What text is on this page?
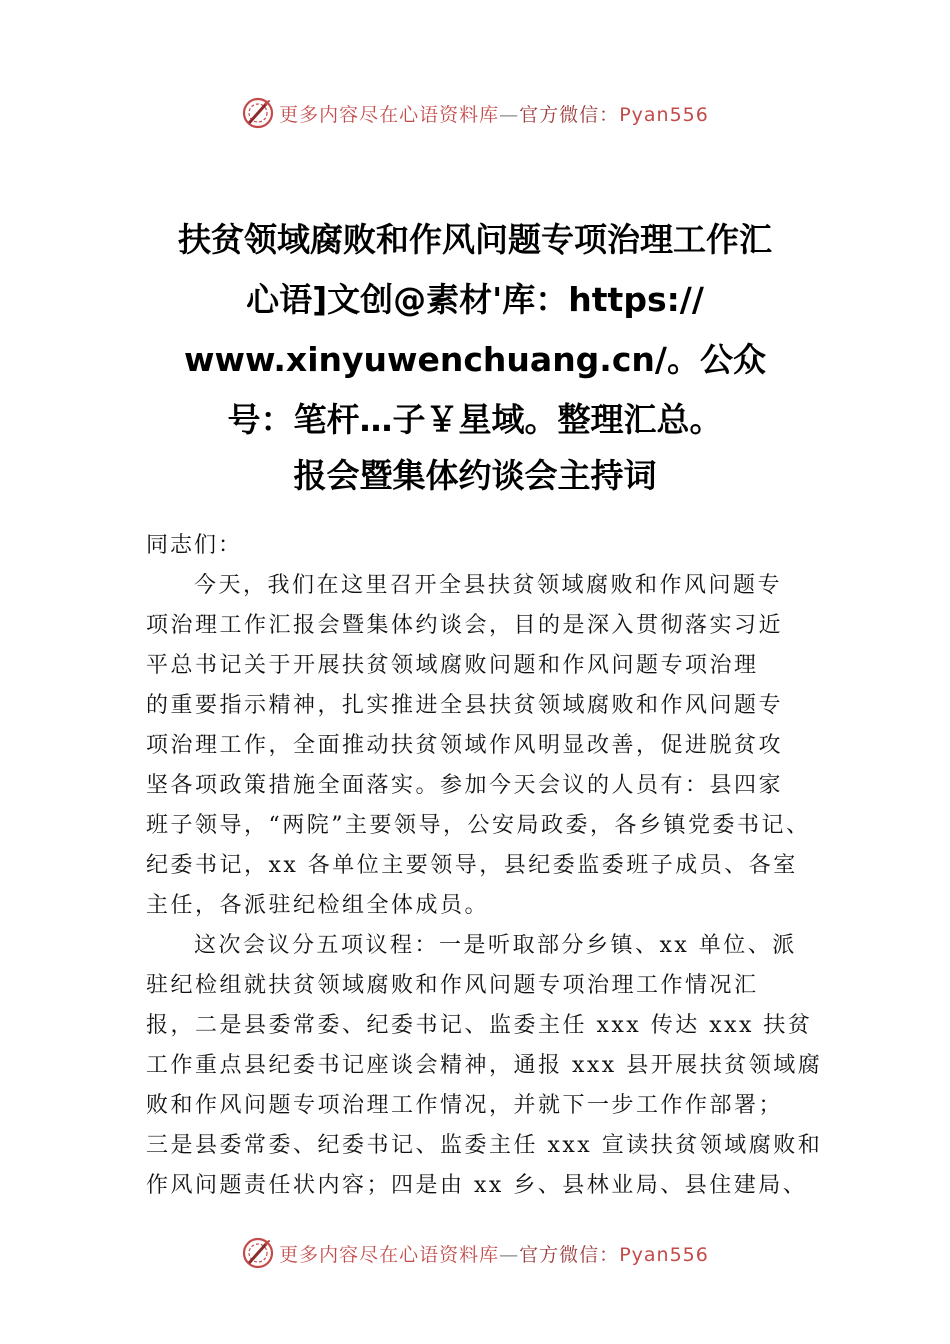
更多内容尽在心语资料库—官方微信：Pyan556
扶贫领域腐败和作风问题专项治理工作汇
心语]文创@素材'库：https://
www.xinyuwenchuang.cn/。公众
号：笔杆…子￥星域。整理汇总。
报会暨集体约谈会主持词

同志们：

今天，我们在这里召开全县扶贫领域腐败和作风问题专

项治理工作汇报会暨集体约谈会，目的是深入贯彻落实习近

平总书记关于开展扶贫领域腐败问题和作风问题专项治理

的重要指示精神，扎实推进全县扶贫领域腐败和作风问题专

项治理工作，全面推动扶贫领域作风明显改善，促进脱贫攻

坚各项政策措施全面落实。参加今天会议的人员有：县四家

班子领导，“两院”主要领导，公安局政委，各乡镇党委书记、

纪委书记，xx 各单位主要领导，县纪委监委班子成员、各室

主任，各派驻纪检组全体成员。

这次会议分五项议程：一是听取部分乡镇、xx 单位、派

驻纪检组就扶贫领域腐败和作风问题专项治理工作情况汇

报，二是县委常委、纪委书记、监委主任 xxx 传达 xxx 扶贫

工作重点县纪委书记座谈会精神，通报 xxx 县开展扶贫领域腐

败和作风问题专项治理工作情况，并就下一步工作作部署；

三是县委常委、纪委书记、监委主任 xxx 宣读扶贫领域腐败和

作风问题责任状内容；四是由 xx 乡、县林业局、县住建局、

更多内容尽在心语资料库—官方微信：Pyan556
